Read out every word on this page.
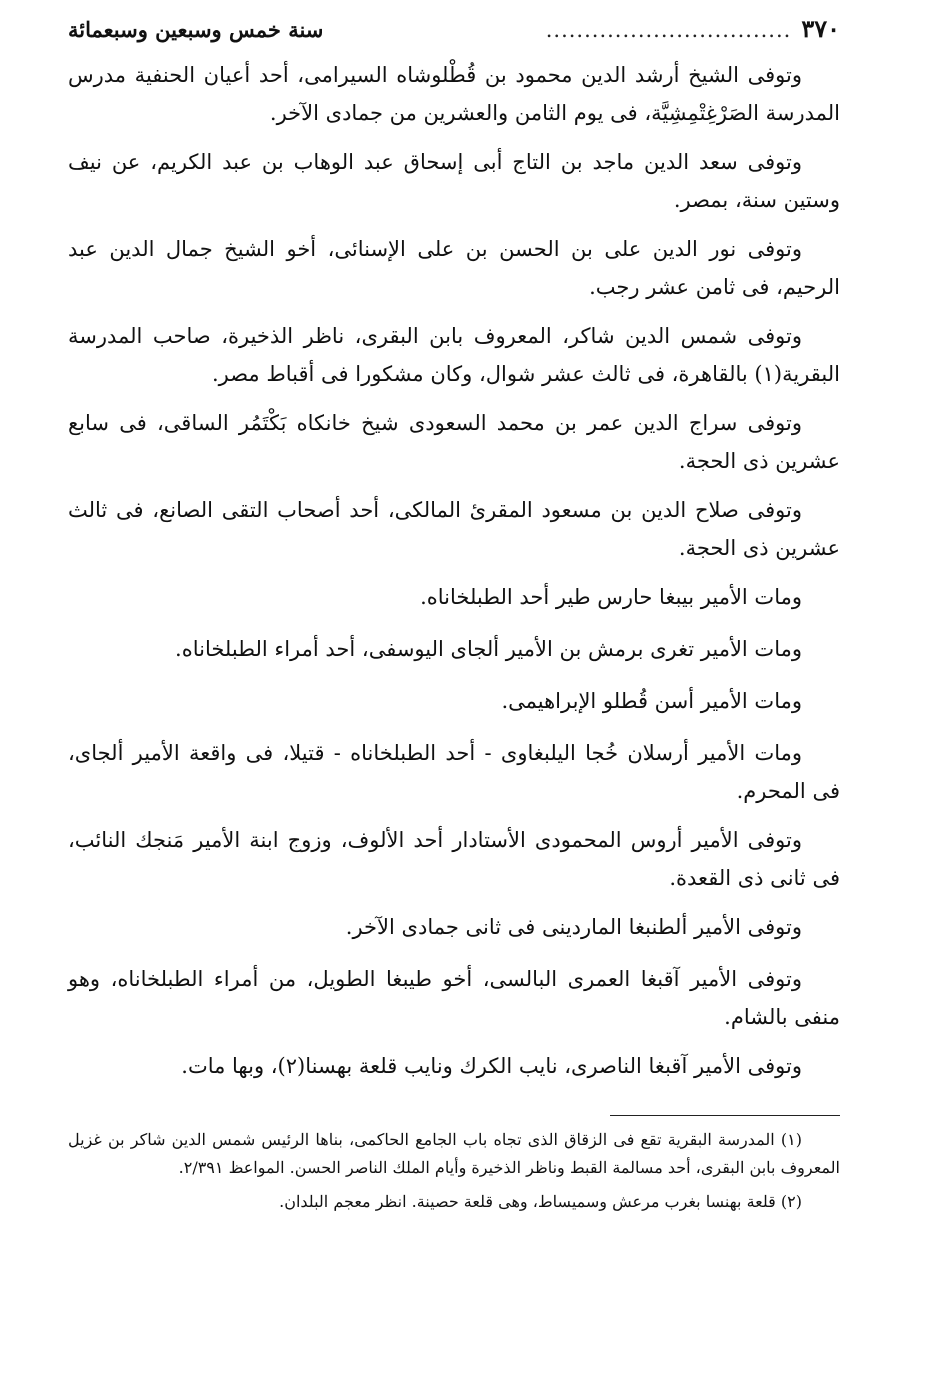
٣٧٠
................................
سنة خمس وسبعين وسبعمائة

وتوفى الشيخ أرشد الدين محمود بن قُطْلوشاه السيرامى، أحد أعيان الحنفية مدرس المدرسة الصَرْغِتْمِشِيَّة، فى يوم الثامن والعشرين من جمادى الآخر.

وتوفى سعد الدين ماجد بن التاج أبى إسحاق عبد الوهاب بن عبد الكريم، عن نيف وستين سنة، بمصر.

وتوفى نور الدين على بن الحسن بن على الإسنائى، أخو الشيخ جمال الدين عبد الرحيم، فى ثامن عشر رجب.

وتوفى شمس الدين شاكر، المعروف بابن البقرى، ناظر الذخيرة، صاحب المدرسة البقرية(١) بالقاهرة، فى ثالث عشر شوال، وكان مشكورا فى أقباط مصر.

وتوفى سراج الدين عمر بن محمد السعودى شيخ خانكاه بَكْتَمُر الساقى، فى سابع عشرين ذى الحجة.

وتوفى صلاح الدين بن مسعود المقرئ المالكى، أحد أصحاب التقى الصانع، فى ثالث عشرين ذى الحجة.

ومات الأمير بيبغا حارس طير أحد الطبلخاناه.

ومات الأمير تغرى برمش بن الأمير ألجاى اليوسفى، أحد أمراء الطبلخاناه.

ومات الأمير أسن قُطلو الإبراهيمى.

ومات الأمير أرسلان خُجا اليلبغاوى - أحد الطبلخاناه - قتيلا، فى واقعة الأمير ألجاى، فى المحرم.

وتوفى الأمير أروس المحمودى الأستادار أحد الألوف، وزوج ابنة الأمير مَنجك النائب، فى ثانى ذى القعدة.

وتوفى الأمير ألطنبغا الماردينى فى ثانى جمادى الآخر.

وتوفى الأمير آقبغا العمرى البالسى، أخو طيبغا الطويل، من أمراء الطبلخاناه، وهو منفى بالشام.

وتوفى الأمير آقبغا الناصرى، نايب الكرك ونايب قلعة بهسنا(٢)، وبها مات.

(١) المدرسة البقرية تقع فى الزقاق الذى تجاه باب الجامع الحاكمى، بناها الرئيس شمس الدين شاكر بن غزيل المعروف بابن البقرى، أحد مسالمة القبط وناظر الذخيرة وأيام الملك الناصر الحسن. المواعظ ٢/٣٩١.

(٢) قلعة بهنسا بغرب مرعش وسميساط، وهى قلعة حصينة. انظر معجم البلدان.
